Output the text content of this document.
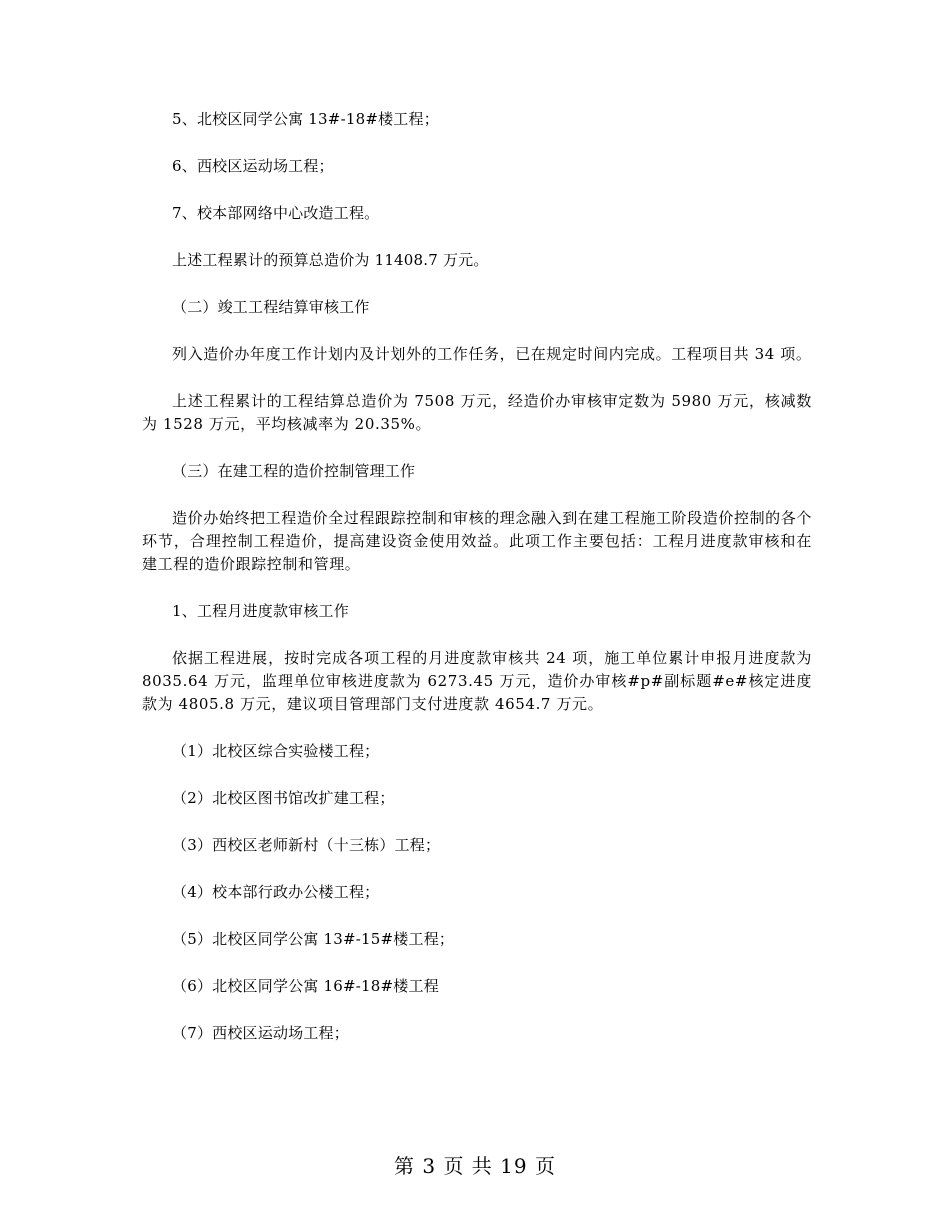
5、北校区同学公寓 13#-18#楼工程；

6、西校区运动场工程；

7、校本部网络中心改造工程。

上述工程累计的预算总造价为 11408.7 万元。

（二）竣工工程结算审核工作

列入造价办年度工作计划内及计划外的工作任务，已在规定时间内完成。工程项目共 34 项。

上述工程累计的工程结算总造价为 7508 万元，经造价办审核审定数为 5980 万元，核减数为 1528 万元，平均核减率为 20.35%。

（三）在建工程的造价控制管理工作

造价办始终把工程造价全过程跟踪控制和审核的理念融入到在建工程施工阶段造价控制的各个环节，合理控制工程造价，提高建设资金使用效益。此项工作主要包括：工程月进度款审核和在建工程的造价跟踪控制和管理。

1、工程月进度款审核工作

依据工程进展，按时完成各项工程的月进度款审核共 24 项，施工单位累计申报月进度款为 8035.64 万元，监理单位审核进度款为 6273.45 万元，造价办审核#p#副标题#e#核定进度款为 4805.8 万元，建议项目管理部门支付进度款 4654.7 万元。

（1）北校区综合实验楼工程；

（2）北校区图书馆改扩建工程；

（3）西校区老师新村（十三栋）工程；

（4）校本部行政办公楼工程；

（5）北校区同学公寓 13#-15#楼工程；

（6）北校区同学公寓 16#-18#楼工程

（7）西校区运动场工程；

第 3 页 共 19 页
